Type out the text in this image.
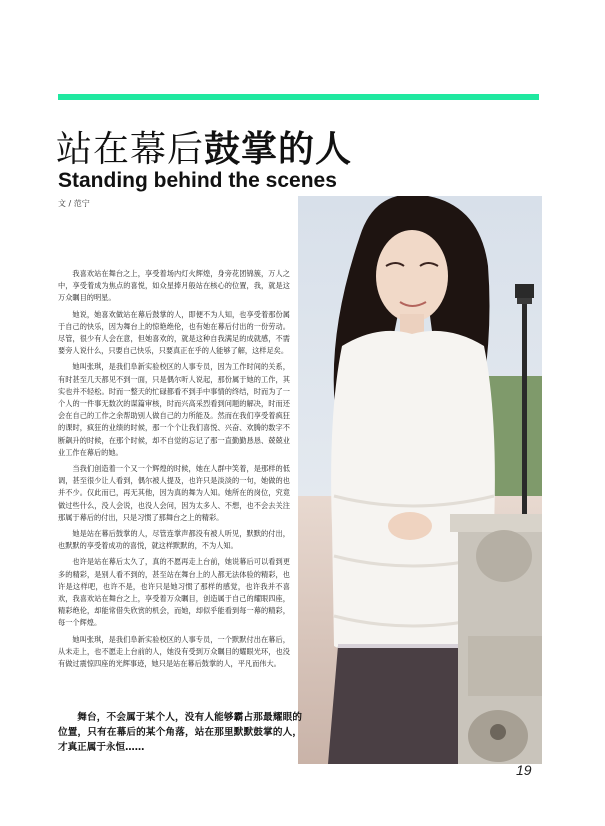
站在幕后鼓掌的人
Standing behind the scenes
文 / 范宁

我喜欢站在舞台之上，享受着场内灯火辉煌，身旁花团锦簇，万人之中，享受着成为焦点的喜悦，如众星捧月般站在核心的位置，我，就是这万众瞩目的明星。

她说，她喜欢做站在幕后鼓掌的人，即便不为人知，也享受着那份属于自己的快乐，因为舞台上的惊艳绝伦，也有她在幕后付出的一份劳动。尽管，很少有人会在意，但她喜欢的，就是这种自我满足的成就感，不需要旁人说什么，只要自己快乐，只要真正在乎的人能够了解，这样足矣。

她叫张琪，是我们阜新实验校区的人事专员，因为工作时间的关系，有时甚至几天都见不到一面，只是偶尔听人说起，那份属于她的工作，其实也并不轻松。时而一整天的忙碌都看不到手中事情的终结，时而为了一个人的一件事无数次的谋篇审核，时而兴高采烈看到问题的解决，时而还会在自己的工作之余帮助别人做自己的力所能及。然而在我们享受着疯狂的课时，疯狂的业绩的时候，那一个个让我们喜悦、兴奋、欢腾的数字不断飙升的时候，在那个时候，却不自觉的忘记了那一直勤勤恳恳、兢兢业业工作在幕后的她。

当我们创造着一个又一个辉煌的时候，她在人群中笑着，是那样的低调，甚至很少让人看到，偶尔被人提及，也许只是淡淡的一句，她做的也并不少。仅此而已，再无其他，因为真的舞为人知。她所在的岗位，究竟做过些什么，没人会说，也没人会问，因为太多人、不想，也不会去关注那属于幕后的付出，只是习惯了那舞台之上的精彩。

她是站在幕后鼓掌的人，尽管连掌声都没有被人听见，默默的付出，也默默的享受着成功的喜悦，就这样默默的，不为人知。

也许是站在幕后太久了，真的不愿再走上台前，她说幕后可以看到更多的精彩，是别人看不到的，甚至站在舞台上的人都无法体验的精彩，也许是这样吧，也许不是，也许只是她习惯了那样的感觉，也许我并不喜欢，我喜欢站在舞台之上，享受着万众瞩目，创造属于自己的耀眼四座，精彩绝伦，却能常借失欣赏的机会，而她，却似乎能看到每一幕的精彩，每一个辉煌。

她叫张琪，是我们阜新实验校区的人事专员，一个默默付出在幕后，从未走上，也不愿走上台前的人，她没有受到万众瞩目的耀眼光环，也没有做过震惊四座的光辉事迹，她只是站在幕后鼓掌的人，平凡而伟大。

舞台，不会属于某个人，没有人能够霸占那最耀眼的位置，只有在幕后的某个角落，站在那里默默鼓掌的人，才真正属于永恒……

19
